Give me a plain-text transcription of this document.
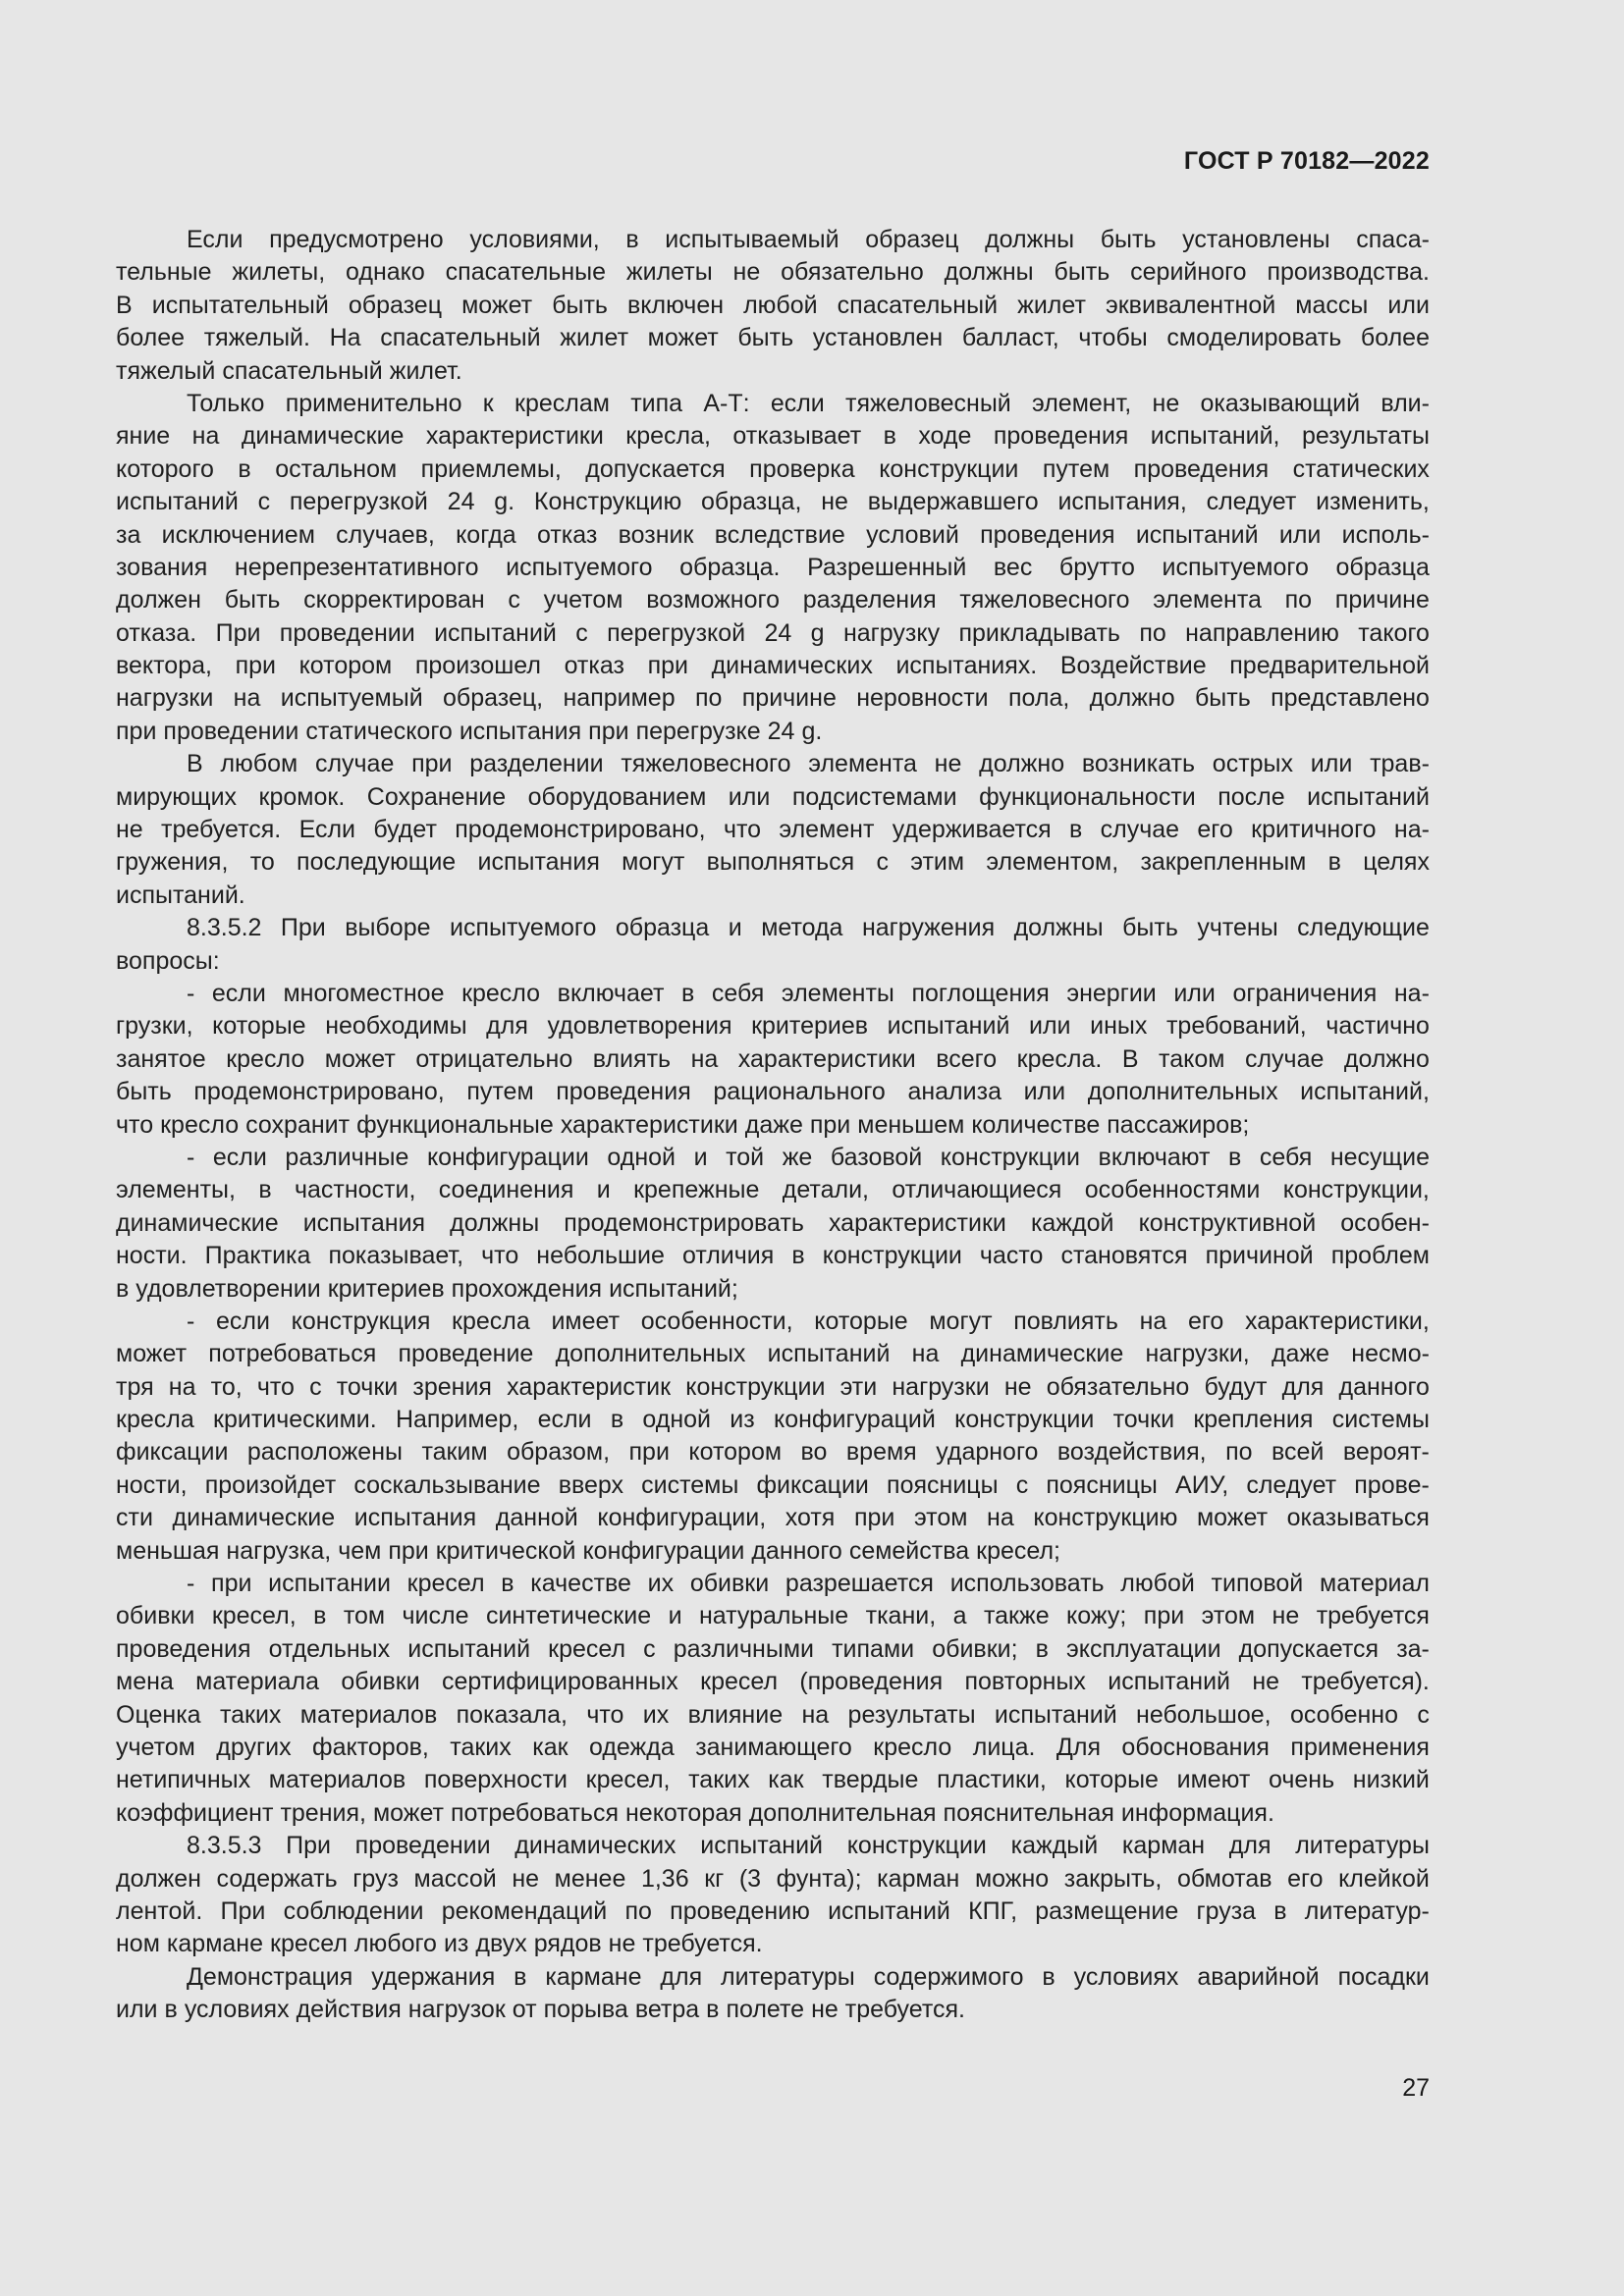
ГОСТ Р 70182—2022
Если предусмотрено условиями, в испытываемый образец должны быть установлены спаса-
тельные жилеты, однако спасательные жилеты не обязательно должны быть серийного производства.
В испытательный образец может быть включен любой спасательный жилет эквивалентной массы или
более тяжелый. На спасательный жилет может быть установлен балласт, чтобы смоделировать более
тяжелый спасательный жилет.
Только применительно к креслам типа А-Т: если тяжеловесный элемент, не оказывающий вли-
яние на динамические характеристики кресла, отказывает в ходе проведения испытаний, результаты
которого в остальном приемлемы, допускается проверка конструкции путем проведения статических
испытаний с перегрузкой 24 g. Конструкцию образца, не выдержавшего испытания, следует изменить,
за исключением случаев, когда отказ возник вследствие условий проведения испытаний или исполь-
зования нерепрезентативного испытуемого образца. Разрешенный вес брутто испытуемого образца
должен быть скорректирован с учетом возможного разделения тяжеловесного элемента по причине
отказа. При проведении испытаний с перегрузкой 24 g нагрузку прикладывать по направлению такого
вектора, при котором произошел отказ при динамических испытаниях. Воздействие предварительной
нагрузки на испытуемый образец, например по причине неровности пола, должно быть представлено
при проведении статического испытания при перегрузке 24 g.
В любом случае при разделении тяжеловесного элемента не должно возникать острых или трав-
мирующих кромок. Сохранение оборудованием или подсистемами функциональности после испытаний
не требуется. Если будет продемонстрировано, что элемент удерживается в случае его критичного на-
гружения, то последующие испытания могут выполняться с этим элементом, закрепленным в целях
испытаний.
8.3.5.2 При выборе испытуемого образца и метода нагружения должны быть учтены следующие
вопросы:
- если многоместное кресло включает в себя элементы поглощения энергии или ограничения на-
грузки, которые необходимы для удовлетворения критериев испытаний или иных требований, частично
занятое кресло может отрицательно влиять на характеристики всего кресла. В таком случае должно
быть продемонстрировано, путем проведения рационального анализа или дополнительных испытаний,
что кресло сохранит функциональные характеристики даже при меньшем количестве пассажиров;
- если различные конфигурации одной и той же базовой конструкции включают в себя несущие
элементы, в частности, соединения и крепежные детали, отличающиеся особенностями конструкции,
динамические испытания должны продемонстрировать характеристики каждой конструктивной особен-
ности. Практика показывает, что небольшие отличия в конструкции часто становятся причиной проблем
в удовлетворении критериев прохождения испытаний;
- если конструкция кресла имеет особенности, которые могут повлиять на его характеристики,
может потребоваться проведение дополнительных испытаний на динамические нагрузки, даже несмо-
тря на то, что с точки зрения характеристик конструкции эти нагрузки не обязательно будут для данного
кресла критическими. Например, если в одной из конфигураций конструкции точки крепления системы
фиксации расположены таким образом, при котором во время ударного воздействия, по всей вероят-
ности, произойдет соскальзывание вверх системы фиксации поясницы с поясницы АИУ, следует прове-
сти динамические испытания данной конфигурации, хотя при этом на конструкцию может оказываться
меньшая нагрузка, чем при критической конфигурации данного семейства кресел;
- при испытании кресел в качестве их обивки разрешается использовать любой типовой материал
обивки кресел, в том числе синтетические и натуральные ткани, а также кожу; при этом не требуется
проведения отдельных испытаний кресел с различными типами обивки; в эксплуатации допускается за-
мена материала обивки сертифицированных кресел (проведения повторных испытаний не требуется).
Оценка таких материалов показала, что их влияние на результаты испытаний небольшое, особенно с
учетом других факторов, таких как одежда занимающего кресло лица. Для обоснования применения
нетипичных материалов поверхности кресел, таких как твердые пластики, которые имеют очень низкий
коэффициент трения, может потребоваться некоторая дополнительная пояснительная информация.
8.3.5.3 При проведении динамических испытаний конструкции каждый карман для литературы
должен содержать груз массой не менее 1,36 кг (3 фунта); карман можно закрыть, обмотав его клейкой
лентой. При соблюдении рекомендаций по проведению испытаний КПГ, размещение груза в литератур-
ном кармане кресел любого из двух рядов не требуется.
Демонстрация удержания в кармане для литературы содержимого в условиях аварийной посадки
или в условиях действия нагрузок от порыва ветра в полете не требуется.
27
